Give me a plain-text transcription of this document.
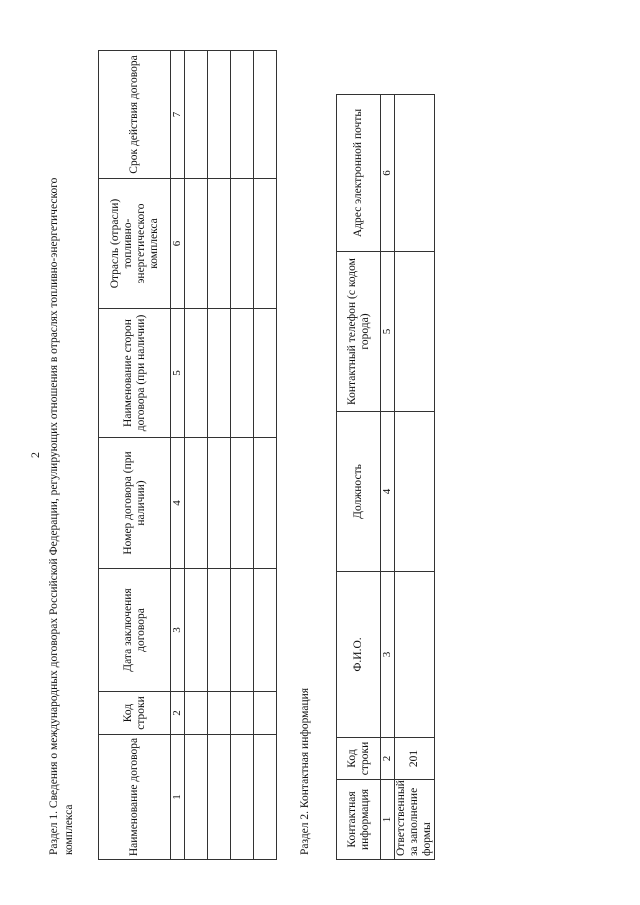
2 Раздел 1. Сведения о международных договорах Российской Федерации, регулирующих отношения в отраслях топливно-энергетического комплекса	Наименование договора	Код строки	Дата заключения договора	Номер договора (при наличии)	Наименование сторон договора (при наличии)	Отрасль (отрасли) топливно-энергетического комплекса	Срок действия договора
1	2	3	4	5	6	7

Раздел 2. Контактная информация	Контактная информация	Код строки	Ф.И.О.	Должность	Контактный телефон (с кодом города)	Адрес электронной почты
1	2	3	4	5	6
Ответственный за заполнение формы	201				
